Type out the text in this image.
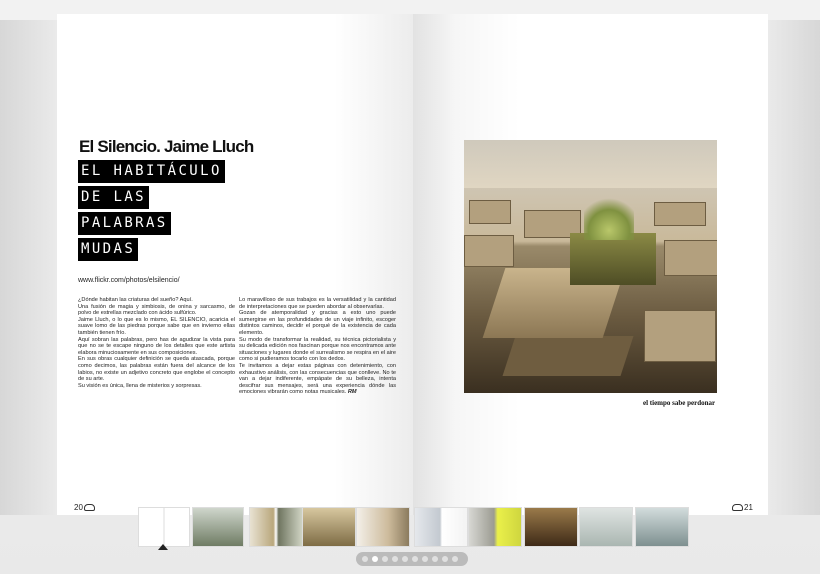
El Silencio. Jaime Lluch
EL HABITÁCULO
DE LAS
PALABRAS
MUDAS
www.flickr.com/photos/elsilencio/

¿Dónde habitan las criaturas del sueño? Aquí.

Una fusión de magia y simbiosis, de onina y sarcasmo, de polvo de estrellas mezclado con ácido sulfúrico.

Jaime Lluch, o lo que es lo mismo, EL SILENCIO, acaricia el suave lomo de las piedras porque sabe que en invierno ellas también tienen frío.

Aquí sobran las palabras, pero has de agudizar la vista para que no se te escape ninguno de los detalles que este artista elabora minuciosamente en sus composiciones.

En sus obras cualquier definición se queda atascada, porque como decimos, las palabras están fuera del alcance de los labios, no existe un adjetivo concreto que englobe el concepto de su arte.

Su visión es única, llena de misterios y sorpresas.

Lo maravilloso de sus trabajos es la versatilidad y la cantidad de interpretaciones que se pueden abordar al observarlas.

Gozan de atemporalidad y gracias a esto uno puede sumergirse en las profundidades de un viaje infinito, escoger distintos caminos, decidir el porqué de la existencia de cada elemento.

Su modo de transformar la realidad, su técnica pictorialista y su delicada edición nos fascinan porque nos encontramos ante situaciones y lugares donde el surrealismo se respira en el aire como si pudieramos tocarlo con los dedos.

Te invitamos a dejar estas páginas con detenimiento, con exhaustivo análisis, con las consecuencias que conlleve. No te van a dejar indiferente, empápate de su belleza, intenta descifrar sus mensajes, será una experiencia dónde las emociones vibrarán como notas musicales. RM

20
el tiempo sabe perdonar
21
